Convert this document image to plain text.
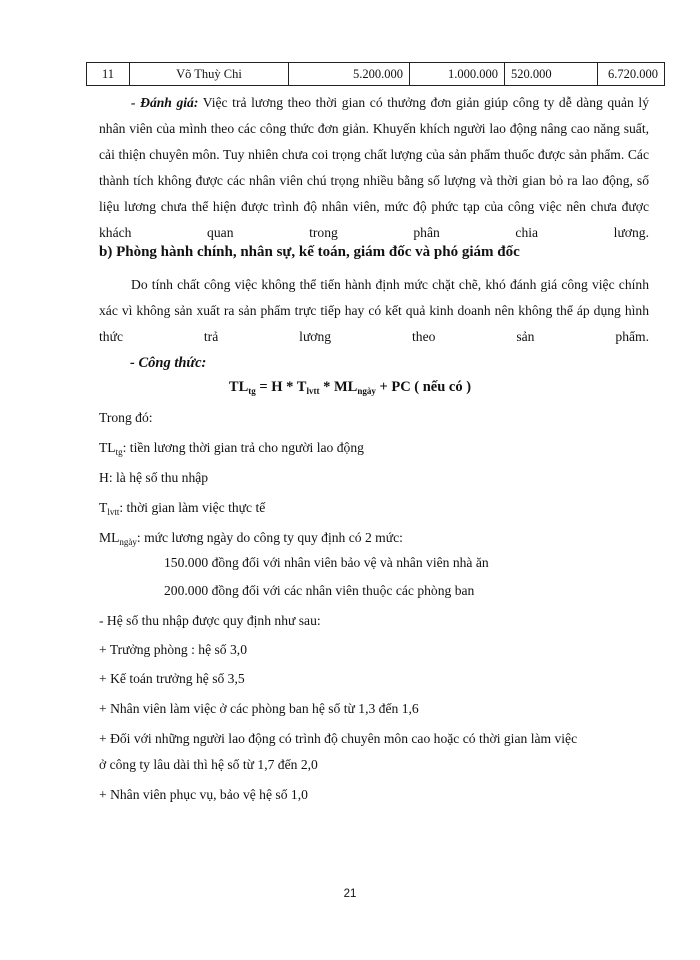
11	Võ Thuỳ Chi	5.200.000	1.000.000	520.000	6.720.000

- Đánh giá: Việc trả lương theo thời gian có thưởng đơn giản giúp công ty dễ dàng quản lý nhân viên của mình theo các công thức đơn giản. Khuyến khích người lao động nâng cao năng suất, cải thiện chuyên môn. Tuy nhiên chưa coi trọng chất lượng của sản phẩm thuốc được sản phẩm. Các thành tích không được các nhân viên chú trọng nhiều bằng số lượng và thời gian bỏ ra lao động, số liệu lương chưa thể hiện được trình độ nhân viên, mức độ phức tạp của công việc nên chưa được khách quan trong phân chia lương.

b) Phòng hành chính, nhân sự, kế toán, giám đốc và phó giám đốc

Do tính chất công việc không thể tiến hành định mức chặt chẽ, khó đánh giá công việc chính xác vì không sản xuất ra sản phẩm trực tiếp hay có kết quả kinh doanh nên không thể áp dụng hình thức trả lương theo sản phẩm.

- Công thức:

$TL_{tg} = H * T_{lvtt} * ML_{ngày}$ + PC ( nếu có )
Trong đó:
$TL_{tg}$: tiền lương thời gian trả cho người lao động
H: là hệ số thu nhập
$T_{lvtt}$: thời gian làm việc thực tế
$ML_{ngày}$: mức lương ngày do công ty quy định có 2 mức:
150.000 đồng đối với nhân viên bảo vệ và nhân viên nhà ăn
200.000 đồng đối với các nhân viên thuộc các phòng ban
- Hệ số thu nhập được quy định như sau:
+ Trưởng phòng : hệ số 3,0
+ Kế toán trưởng hệ số 3,5
+ Nhân viên làm việc ở các phòng ban hệ số từ 1,3 đến 1,6
+ Đối với những người lao động có trình độ chuyên môn cao hoặc có thời gian làm việc
ở công ty lâu dài thì hệ số từ 1,7 đến 2,0
+ Nhân viên phục vụ, bảo vệ hệ số 1,0
21
